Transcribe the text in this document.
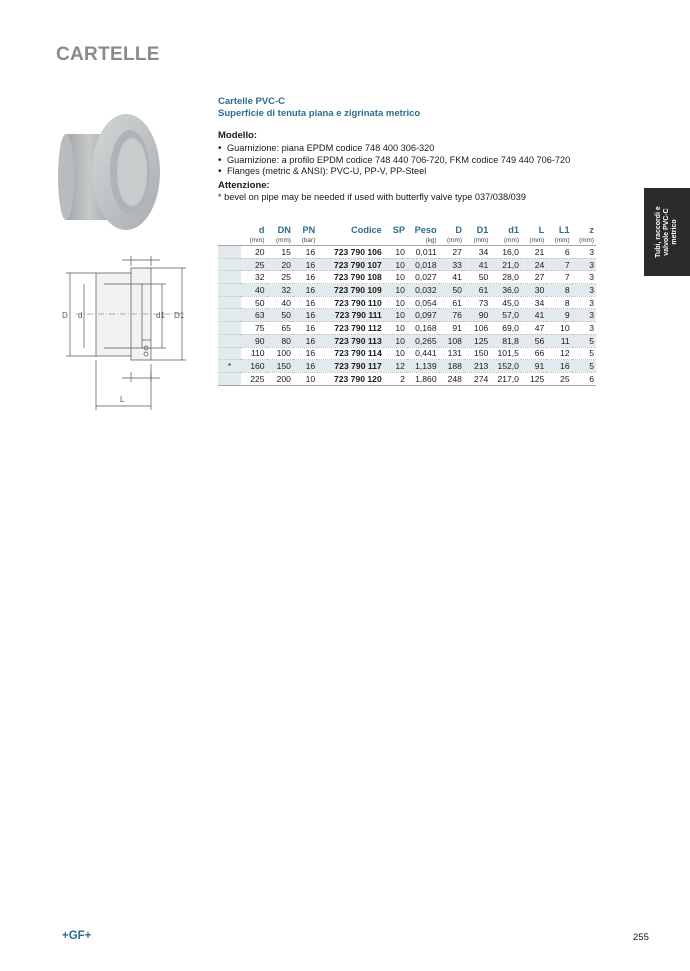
CARTELLE
D d	d1 D1
L
Cartelle PVC-C
Superficie di tenuta piana e zigrinata metrico
Modello:
• Guarnizione: piana EPDM codice 748 400 306-320
• Guarnizione: a profilo EPDM codice 748 440 706-720, FKM codice 749 440 706-720
• Flanges (metric & ANSI): PVC-U, PP-V, PP-Steel
Attenzione:
* bevel on pipe may be needed if used with butterfly valve type 037/038/039
	d	DN	PN	Codice	SP	Peso	D	D1	d1	L	L1	z
	(mm)	(mm)	(bar)			(kg)	(mm)	(mm)	(mm)	(mm)	(mm)	(mm)
	20	15	16	723 790 106	10	0,011	27	34	16,0	21	6	3
	25	20	16	723 790 107	10	0,018	33	41	21,0	24	7	3
	32	25	16	723 790 108	10	0,027	41	50	28,0	27	7	3
	40	32	16	723 790 109	10	0,032	50	61	36,0	30	8	3
	50	40	16	723 790 110	10	0,054	61	73	45,0	34	8	3
	63	50	16	723 790 111	10	0,097	76	90	57,0	41	9	3
	75	65	16	723 790 112	10	0,168	91	106	69,0	47	10	3
	90	80	16	723 790 113	10	0,265	108	125	81,8	56	11	5
	110	100	16	723 790 114	10	0,441	131	150	101,5	66	12	5
*	160	150	16	723 790 117	12	1,139	188	213	152,0	91	16	5
	225	200	10	723 790 120	2	1,860	248	274	217,0	125	25	6
Tubi, raccordi e valvole PVC-C metrico
+GF+	255
